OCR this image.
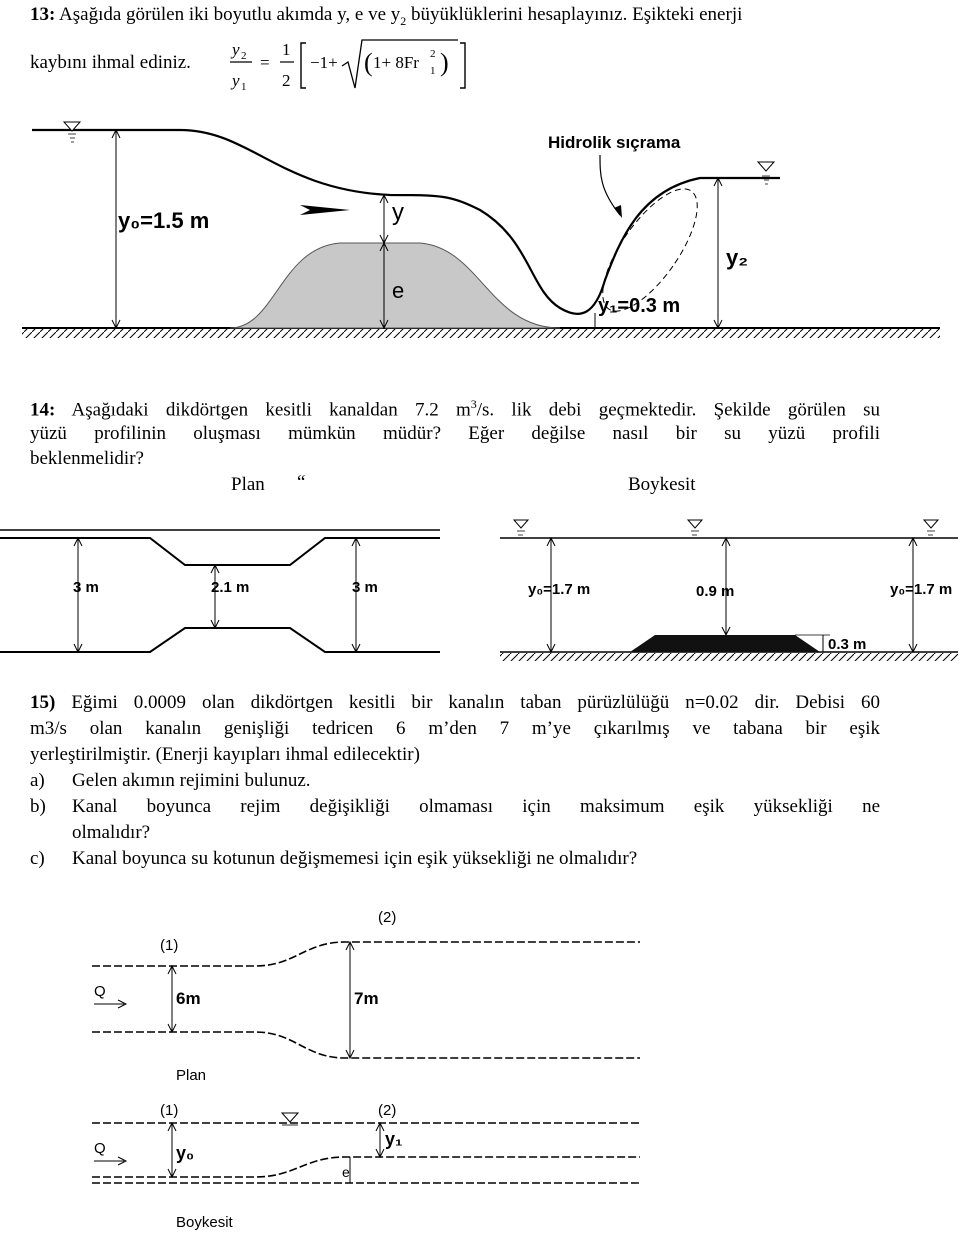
13: Aşağıda görülen iki boyutlu akımda y, e ve $y_2$ büyüklüklerini hesaplayınız. Eşikteki enerji
kaybını ihmal ediniz.
y 2
y 1
=
1
2
−1+ ( 1+ 8Fr 1
2 )
y₀=1.5 m	y
e
y₁=0.3 m
y₂
Hidrolik sıçrama
14: Aşağıdaki dikdörtgen kesitli kanaldan 7.2 $m^3/s$. lik debi geçmektedir. Şekilde görülen su
yüzü profilinin oluşması mümkün müdür? Eğer değilse nasıl bir su yüzü profili
beklenmelidir?
Plan “	Boykesit
3 m	2.1 m	3 m	y₀=1.7 m	0.9 m	y₀=1.7 m
0.3 m
15) Eğimi 0.0009 olan dikdörtgen kesitli bir kanalın taban pürüzlülüğü n=0.02 dir. Debisi 60
m3/s olan kanalın genişliği tedricen 6 m’den 7 m’ye çıkarılmış ve tabana bir eşik
yerleştirilmiştir. (Enerji kayıpları ihmal edilecektir)
a) Gelen akımın rejimini bulunuz.
b) Kanal boyunca rejim değişikliği olmaması için maksimum eşik yüksekliği ne
olmalıdır?
c) Kanal boyunca su kotunun değişmemesi için eşik yüksekliği ne olmalıdır?
(1)
(2)
6m	7m
Q
Plan
(1)	(2)
y₀
y₁
e
Q
Boykesit
